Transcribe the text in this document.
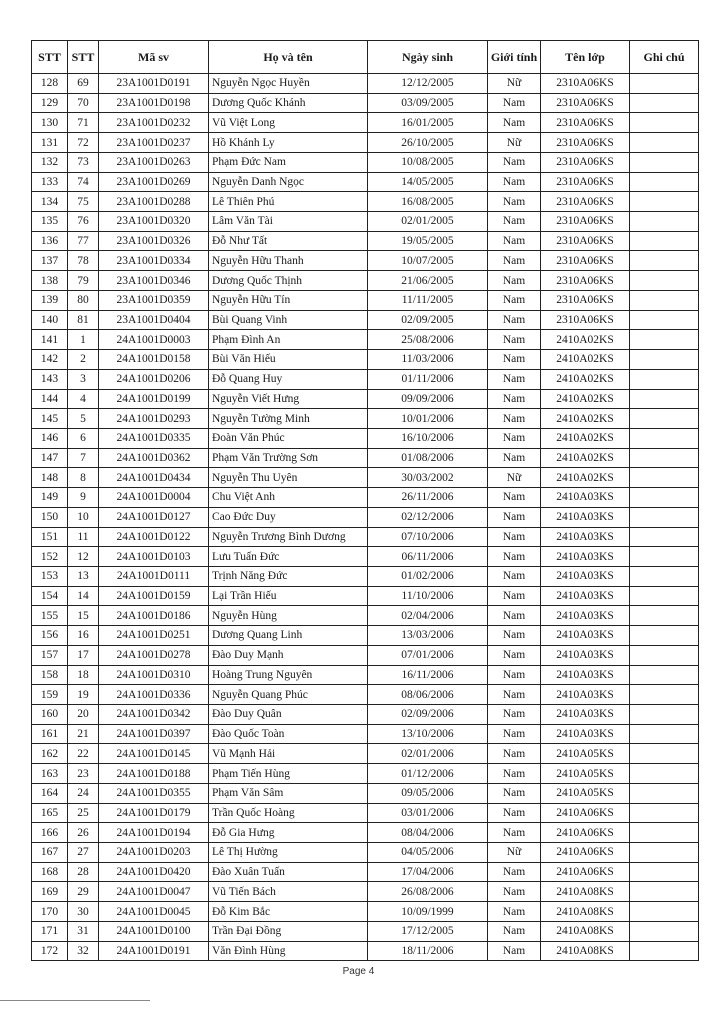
STT	STT	Mã sv	Họ và tên	Ngày sinh	Giới tính	Tên lớp	Ghi chú
128	69	23A1001D0191	Nguyễn Ngọc Huyền	12/12/2005	Nữ	2310A06KS	
129	70	23A1001D0198	Dương Quốc Khánh	03/09/2005	Nam	2310A06KS	
130	71	23A1001D0232	Vũ Việt Long	16/01/2005	Nam	2310A06KS	
131	72	23A1001D0237	Hồ Khánh Ly	26/10/2005	Nữ	2310A06KS	
132	73	23A1001D0263	Phạm Đức Nam	10/08/2005	Nam	2310A06KS	
133	74	23A1001D0269	Nguyễn Danh Ngọc	14/05/2005	Nam	2310A06KS	
134	75	23A1001D0288	Lê Thiên Phú	16/08/2005	Nam	2310A06KS	
135	76	23A1001D0320	Lâm Văn Tài	02/01/2005	Nam	2310A06KS	
136	77	23A1001D0326	Đỗ Như Tất	19/05/2005	Nam	2310A06KS	
137	78	23A1001D0334	Nguyễn Hữu Thanh	10/07/2005	Nam	2310A06KS	
138	79	23A1001D0346	Dương Quốc Thịnh	21/06/2005	Nam	2310A06KS	
139	80	23A1001D0359	Nguyễn Hữu Tín	11/11/2005	Nam	2310A06KS	
140	81	23A1001D0404	Bùi Quang Vinh	02/09/2005	Nam	2310A06KS	
141	1	24A1001D0003	Phạm Đình An	25/08/2006	Nam	2410A02KS	
142	2	24A1001D0158	Bùi Văn Hiếu	11/03/2006	Nam	2410A02KS	
143	3	24A1001D0206	Đỗ Quang Huy	01/11/2006	Nam	2410A02KS	
144	4	24A1001D0199	Nguyễn Viết Hưng	09/09/2006	Nam	2410A02KS	
145	5	24A1001D0293	Nguyễn Tường Minh	10/01/2006	Nam	2410A02KS	
146	6	24A1001D0335	Đoàn Văn Phúc	16/10/2006	Nam	2410A02KS	
147	7	24A1001D0362	Phạm Văn Trường Sơn	01/08/2006	Nam	2410A02KS	
148	8	24A1001D0434	Nguyễn Thu Uyên	30/03/2002	Nữ	2410A02KS	
149	9	24A1001D0004	Chu Việt Anh	26/11/2006	Nam	2410A03KS	
150	10	24A1001D0127	Cao Đức Duy	02/12/2006	Nam	2410A03KS	
151	11	24A1001D0122	Nguyễn Trương Bình Dương	07/10/2006	Nam	2410A03KS	
152	12	24A1001D0103	Lưu Tuấn Đức	06/11/2006	Nam	2410A03KS	
153	13	24A1001D0111	Trịnh Năng Đức	01/02/2006	Nam	2410A03KS	
154	14	24A1001D0159	Lại Trần Hiếu	11/10/2006	Nam	2410A03KS	
155	15	24A1001D0186	Nguyễn Hùng	02/04/2006	Nam	2410A03KS	
156	16	24A1001D0251	Dương Quang Linh	13/03/2006	Nam	2410A03KS	
157	17	24A1001D0278	Đào Duy Mạnh	07/01/2006	Nam	2410A03KS	
158	18	24A1001D0310	Hoàng Trung Nguyên	16/11/2006	Nam	2410A03KS	
159	19	24A1001D0336	Nguyễn Quang Phúc	08/06/2006	Nam	2410A03KS	
160	20	24A1001D0342	Đào Duy Quân	02/09/2006	Nam	2410A03KS	
161	21	24A1001D0397	Đào Quốc Toàn	13/10/2006	Nam	2410A03KS	
162	22	24A1001D0145	Vũ Mạnh Hải	02/01/2006	Nam	2410A05KS	
163	23	24A1001D0188	Phạm Tiến Hùng	01/12/2006	Nam	2410A05KS	
164	24	24A1001D0355	Phạm Văn Sâm	09/05/2006	Nam	2410A05KS	
165	25	24A1001D0179	Trần Quốc Hoàng	03/01/2006	Nam	2410A06KS	
166	26	24A1001D0194	Đỗ Gia Hưng	08/04/2006	Nam	2410A06KS	
167	27	24A1001D0203	Lê Thị Hường	04/05/2006	Nữ	2410A06KS	
168	28	24A1001D0420	Đào Xuân Tuấn	17/04/2006	Nam	2410A06KS	
169	29	24A1001D0047	Vũ Tiến Bách	26/08/2006	Nam	2410A08KS	
170	30	24A1001D0045	Đỗ Kim Bắc	10/09/1999	Nam	2410A08KS	
171	31	24A1001D0100	Trần Đại Đồng	17/12/2005	Nam	2410A08KS	
172	32	24A1001D0191	Văn Đình Hùng	18/11/2006	Nam	2410A08KS	
Page 4
